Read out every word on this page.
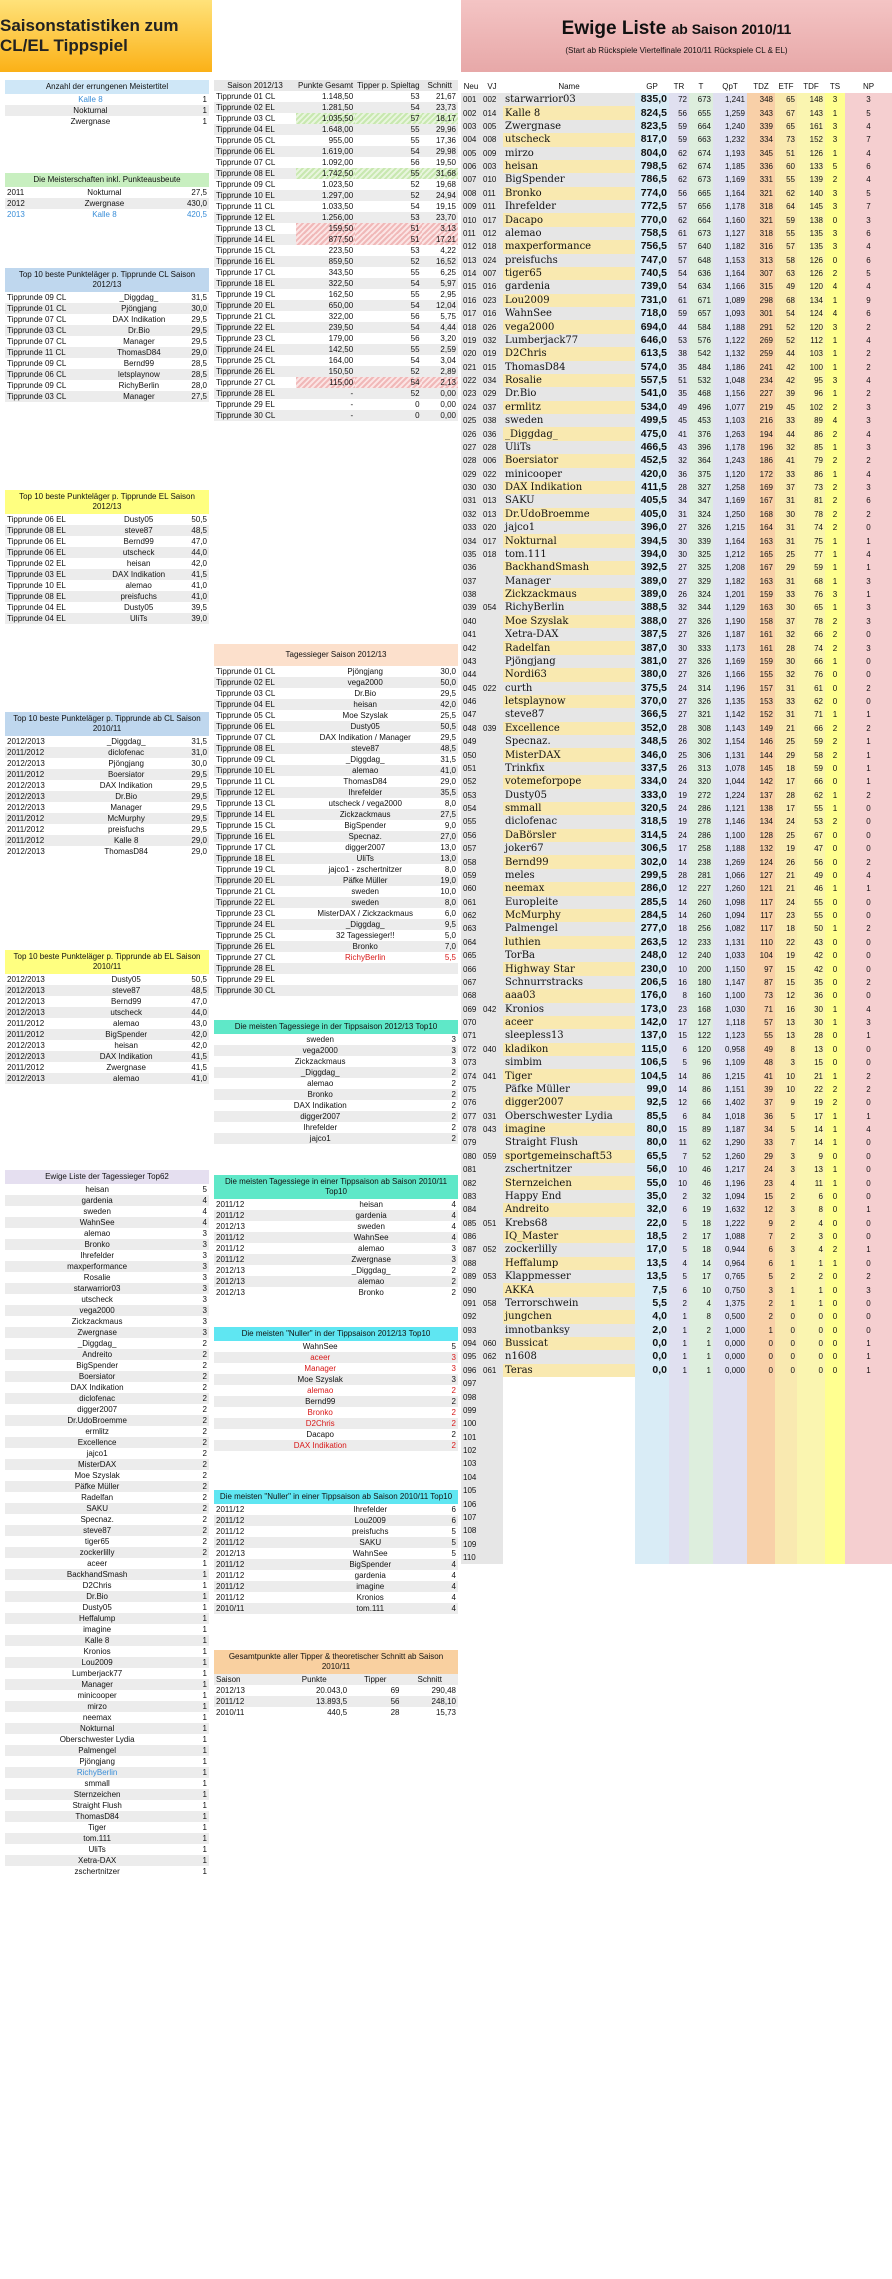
Saisonstatistiken zum CL/EL Tippspiel
Anzahl der errungenen Meistertitel
Kalle 8	1
Nokturnal	1
Zwergnase	1
Die Meisterschaften inkl. Punkteausbeute
2011	Nokturnal	27,5
2012	Zwergnase	430,0
2013	Kalle 8	420,5
Top 10 beste Punkteläger p. Tipprunde CL Saison 2012/13
Tipprunde 09 CL	_Diggdag_	31,5
Tipprunde 01 CL	Pjöngjang	30,0
Tipprunde 07 CL	DAX Indikation	29,5
Tipprunde 03 CL	Dr.Bio	29,5
Tipprunde 07 CL	Manager	29,5
Tipprunde 11 CL	ThomasD84	29,0
Tipprunde 09 CL	Bernd99	28,5
Tipprunde 06 CL	letsplaynow	28,5
Tipprunde 09 CL	RichyBerlin	28,0
Tipprunde 03 CL	Manager	27,5
Top 10 beste Punkteläger p. Tipprunde EL Saison 2012/13
Tipprunde 06 EL	Dusty05	50,5
Tipprunde 08 EL	steve87	48,5
Tipprunde 06 EL	Bernd99	47,0
Tipprunde 06 EL	utscheck	44,0
Tipprunde 02 EL	heisan	42,0
Tipprunde 03 EL	DAX Indikation	41,5
Tipprunde 10 EL	alemao	41,0
Tipprunde 08 EL	preisfuchs	41,0
Tipprunde 04 EL	Dusty05	39,5
Tipprunde 04 EL	UliTs	39,0
Top 10 beste Punkteläger p. Tipprunde ab CL Saison 2010/11
2012/2013	_Diggdag_	31,5
2011/2012	diclofenac	31,0
2012/2013	Pjöngjang	30,0
2011/2012	Boersiator	29,5
2012/2013	DAX Indikation	29,5
2012/2013	Dr.Bio	29,5
2012/2013	Manager	29,5
2011/2012	McMurphy	29,5
2011/2012	preisfuchs	29,5
2011/2012	Kalle 8	29,0
2012/2013	ThomasD84	29,0
Top 10 beste Punkteläger p. Tipprunde ab EL Saison 2010/11
2012/2013	Dusty05	50,5
2012/2013	steve87	48,5
2012/2013	Bernd99	47,0
2012/2013	utscheck	44,0
2011/2012	alemao	43,0
2011/2012	BigSpender	42,0
2012/2013	heisan	42,0
2012/2013	DAX Indikation	41,5
2011/2012	Zwergnase	41,5
2012/2013	alemao	41,0
Ewige Liste der Tagessieger Top62
heisan	5
gardenia	4
sweden	4
WahnSee	4
alemao	3
Bronko	3
Ihrefelder	3
maxperformance	3
Rosalie	3
starwarrior03	3
utscheck	3
vega2000	3
Zickzackmaus	3
Zwergnase	3
_Diggdag_	2
Andreito	2
BigSpender	2
Boersiator	2
DAX Indikation	2
diclofenac	2
digger2007	2
Dr.UdoBroemme	2
ermlitz	2
Excellence	2
jajco1	2
MisterDAX	2
Moe Szyslak	2
Päfke Müller	2
Radelfan	2
SAKU	2
Specnaz.	2
steve87	2
tiger65	2
zockerlilly	2
aceer	1
BackhandSmash	1
D2Chris	1
Dr.Bio	1
Dusty05	1
Heffalump	1
imagine	1
Kalle 8	1
Kronios	1
Lou2009	1
Lumberjack77	1
Manager	1
minicooper	1
mirzo	1
neemax	1
Nokturnal	1
Oberschwester Lydia	1
Palmengel	1
Pjöngjang	1
RichyBerlin	1
smmall	1
Sternzeichen	1
Straight Flush	1
ThomasD84	1
Tiger	1
tom.111	1
UliTs	1
Xetra-DAX	1
zschertnitzer	1
Saison 2012/13	Punkte Gesamt	Tipper p. Spieltag	Schnitt
Tipprunde 01 CL	1.148,50	53	21,67
Tipprunde 02 EL	1.281,50	54	23,73
Tipprunde 03 CL	1.035,50	57	18,17
Tipprunde 04 EL	1.648,00	55	29,96
Tipprunde 05 CL	955,00	55	17,36
Tipprunde 06 EL	1.619,00	54	29,98
Tipprunde 07 CL	1.092,00	56	19,50
Tipprunde 08 EL	1.742,50	55	31,68
Tipprunde 09 CL	1.023,50	52	19,68
Tipprunde 10 EL	1.297,00	52	24,94
Tipprunde 11 CL	1.033,50	54	19,15
Tipprunde 12 EL	1.256,00	53	23,70
Tipprunde 13 CL	159,50	51	3,13
Tipprunde 14 EL	877,50	51	17,21
Tipprunde 15 CL	223,50	53	4,22
Tipprunde 16 EL	859,50	52	16,52
Tipprunde 17 CL	343,50	55	6,25
Tipprunde 18 EL	322,50	54	5,97
Tipprunde 19 CL	162,50	55	2,95
Tipprunde 20 EL	650,00	54	12,04
Tipprunde 21 CL	322,00	56	5,75
Tipprunde 22 EL	239,50	54	4,44
Tipprunde 23 CL	179,00	56	3,20
Tipprunde 24 EL	142,50	55	2,59
Tipprunde 25 CL	164,00	54	3,04
Tipprunde 26 EL	150,50	52	2,89
Tipprunde 27 CL	115,00	54	2,13
Tipprunde 28 EL	-	52	0,00
Tipprunde 29 EL	-	0	0,00
Tipprunde 30 CL	-	0	0,00
Tagessieger Saison 2012/13
Tipprunde 01 CL	Pjöngjang	30,0
Tipprunde 02 EL	vega2000	50,0
Tipprunde 03 CL	Dr.Bio	29,5
Tipprunde 04 EL	heisan	42,0
Tipprunde 05 CL	Moe Szyslak	25,5
Tipprunde 06 EL	Dusty05	50,5
Tipprunde 07 CL	DAX Indikation / Manager	29,5
Tipprunde 08 EL	steve87	48,5
Tipprunde 09 CL	_Diggdag_	31,5
Tipprunde 10 EL	alemao	41,0
Tipprunde 11 CL	ThomasD84	29,0
Tipprunde 12 EL	Ihrefelder	35,5
Tipprunde 13 CL	utscheck / vega2000	8,0
Tipprunde 14 EL	Zickzackmaus	27,5
Tipprunde 15 CL	BigSpender	9,0
Tipprunde 16 EL	Specnaz.	27,0
Tipprunde 17 CL	digger2007	13,0
Tipprunde 18 EL	UliTs	13,0
Tipprunde 19 CL	jajco1 - zschertnitzer	8,0
Tipprunde 20 EL	Päfke Müller	19,0
Tipprunde 21 CL	sweden	10,0
Tipprunde 22 EL	sweden	8,0
Tipprunde 23 CL	MisterDAX / Zickzackmaus	6,0
Tipprunde 24 EL	_Diggdag_	9,5
Tipprunde 25 CL	32 Tagessieger!!	5,0
Tipprunde 26 EL	Bronko	7,0
Tipprunde 27 CL	RichyBerlin	5,5
Tipprunde 28 EL		
Tipprunde 29 EL		
Tipprunde 30 CL		
Die meisten Tagessiege in der Tippsaison 2012/13 Top10
sweden	3
vega2000	3
Zickzackmaus	3
_Diggdag_	2
alemao	2
Bronko	2
DAX Indikation	2
digger2007	2
Ihrefelder	2
jajco1	2
Die meisten Tagessiege in einer Tippsaison ab Saison 2010/11 Top10
2011/12	heisan	4
2011/12	gardenia	4
2012/13	sweden	4
2011/12	WahnSee	4
2011/12	alemao	3
2011/12	Zwergnase	3
2012/13	_Diggdag_	2
2012/13	alemao	2
2012/13	Bronko	2
Die meisten "Nuller" in der Tippsaison 2012/13 Top10
WahnSee	5
aceer	3
Manager	3
Moe Szyslak	3
alemao	2
Bernd99	2
Bronko	2
D2Chris	2
Dacapo	2
DAX Indikation	2
Die meisten "Nuller" in einer Tippsaison ab Saison 2010/11 Top10
2011/12	Ihrefelder	6
2011/12	Lou2009	6
2011/12	preisfuchs	5
2011/12	SAKU	5
2012/13	WahnSee	5
2011/12	BigSpender	4
2011/12	gardenia	4
2011/12	imagine	4
2011/12	Kronios	4
2010/11	tom.111	4
Gesamtpunkte aller Tipper & theoretischer Schnitt ab Saison 2010/11
Saison	Punkte	Tipper	Schnitt
2012/13	20.043,0	69	290,48
2011/12	13.893,5	56	248,10
2010/11	440,5	28	15,73
Ewige Liste ab Saison 2010/11
(Start ab Rückspiele Viertelfinale 2010/11 Rückspiele CL & EL)
Neu	VJ	Name	GP	TR	T	QpT	TDZ	ETF	TDF	TS	NP
001	002	starwarrior03	835,0	72	673	1,241	348	65	148	3	3
002	014	Kalle 8	824,5	56	655	1,259	343	67	143	1	5
003	005	Zwergnase	823,5	59	664	1,240	339	65	161	3	4
004	008	utscheck	817,0	59	663	1,232	334	73	152	3	7
005	009	mirzo	804,0	62	674	1,193	345	51	126	1	4
006	003	heisan	798,5	62	674	1,185	336	60	133	5	6
007	010	BigSpender	786,5	62	673	1,169	331	55	139	2	4
008	011	Bronko	774,0	56	665	1,164	321	62	140	3	5
009	011	Ihrefelder	772,5	57	656	1,178	318	64	145	3	7
010	017	Dacapo	770,0	62	664	1,160	321	59	138	0	3
011	012	alemao	758,5	61	673	1,127	318	55	135	3	6
012	018	maxperformance	756,5	57	640	1,182	316	57	135	3	4
013	024	preisfuchs	747,0	57	648	1,153	313	58	126	0	6
014	007	tiger65	740,5	54	636	1,164	307	63	126	2	5
015	016	gardenia	739,0	54	634	1,166	315	49	120	4	4
016	023	Lou2009	731,0	61	671	1,089	298	68	134	1	9
017	016	WahnSee	718,0	59	657	1,093	301	54	124	4	6
018	026	vega2000	694,0	44	584	1,188	291	52	120	3	2
019	032	Lumberjack77	646,0	53	576	1,122	269	52	112	1	4
020	019	D2Chris	613,5	38	542	1,132	259	44	103	1	2
021	015	ThomasD84	574,0	35	484	1,186	241	42	100	1	2
022	034	Rosalie	557,5	51	532	1,048	234	42	95	3	4
023	029	Dr.Bio	541,0	35	468	1,156	227	39	96	1	2
024	037	ermlitz	534,0	49	496	1,077	219	45	102	2	3
025	038	sweden	499,5	45	453	1,103	216	33	89	4	3
026	036	_Diggdag_	475,0	41	376	1,263	194	44	86	2	4
027	028	UliTs	466,5	43	396	1,178	196	32	85	1	3
028	006	Boersiator	452,5	32	364	1,243	186	41	79	2	2
029	022	minicooper	420,0	36	375	1,120	172	33	86	1	4
030	030	DAX Indikation	411,5	28	327	1,258	169	37	73	2	3
031	013	SAKU	405,5	34	347	1,169	167	31	81	2	6
032	013	Dr.UdoBroemme	405,0	31	324	1,250	168	30	78	2	2
033	020	jajco1	396,0	27	326	1,215	164	31	74	2	0
034	017	Nokturnal	394,5	30	339	1,164	163	31	75	1	1
035	018	tom.111	394,0	30	325	1,212	165	25	77	1	4
036		BackhandSmash	392,5	27	325	1,208	167	29	59	1	1
037		Manager	389,0	27	329	1,182	163	31	68	1	3
038		Zickzackmaus	389,0	26	324	1,201	159	33	76	3	1
039	054	RichyBerlin	388,5	32	344	1,129	163	30	65	1	3
040		Moe Szyslak	388,0	27	326	1,190	158	37	78	2	3
041		Xetra-DAX	387,5	27	326	1,187	161	32	66	2	0
042		Radelfan	387,0	30	333	1,173	161	28	74	2	3
043		Pjöngjang	381,0	27	326	1,169	159	30	66	1	0
044		Nordi63	380,0	27	326	1,166	155	32	76	0	0
045	022	curth	375,5	24	314	1,196	157	31	61	0	2
046		letsplaynow	370,0	27	326	1,135	153	33	62	0	0
047		steve87	366,5	27	321	1,142	152	31	71	1	1
048	039	Excellence	352,0	28	308	1,143	149	21	66	2	2
049		Specnaz.	348,5	26	302	1,154	146	25	59	2	1
050		MisterDAX	346,0	25	306	1,131	144	29	58	2	1
051		Trinkfix	337,5	26	313	1,078	145	18	59	0	1
052		votemeforpope	334,0	24	320	1,044	142	17	66	0	1
053		Dusty05	333,0	19	272	1,224	137	28	62	1	2
054		smmall	320,5	24	286	1,121	138	17	55	1	0
055		diclofenac	318,5	19	278	1,146	134	24	53	2	0
056		DaBörsler	314,5	24	286	1,100	128	25	67	0	0
057		joker67	306,5	17	258	1,188	132	19	47	0	0
058		Bernd99	302,0	14	238	1,269	124	26	56	0	2
059		meles	299,5	28	281	1,066	127	21	49	0	4
060		neemax	286,0	12	227	1,260	121	21	46	1	1
061		Europleite	285,5	14	260	1,098	117	24	55	0	0
062		McMurphy	284,5	14	260	1,094	117	23	55	0	0
063		Palmengel	277,0	18	256	1,082	117	18	50	1	2
064		luthien	263,5	12	233	1,131	110	22	43	0	0
065		TorBa	248,0	12	240	1,033	104	19	42	0	0
066		Highway Star	230,0	10	200	1,150	97	15	42	0	0
067		Schnurrstracks	206,5	16	180	1,147	87	15	35	0	2
068		aaa03	176,0	8	160	1,100	73	12	36	0	0
069	042	Kronios	173,0	23	168	1,030	71	16	30	1	4
070		aceer	142,0	17	127	1,118	57	13	30	1	3
071		sleepless13	137,0	15	122	1,123	55	13	28	0	1
072	040	kladikon	115,0	6	120	0,958	49	8	13	0	0
073		simbim	106,5	5	96	1,109	48	3	15	0	0
074	041	Tiger	104,5	14	86	1,215	41	10	21	1	2
075		Päfke Müller	99,0	14	86	1,151	39	10	22	2	2
076		digger2007	92,5	12	66	1,402	37	9	19	2	0
077	031	Oberschwester Lydia	85,5	6	84	1,018	36	5	17	1	1
078	043	imagine	80,0	15	89	1,187	34	5	14	1	4
079		Straight Flush	80,0	11	62	1,290	33	7	14	1	0
080	059	sportgemeinschaft53	65,5	7	52	1,260	29	3	9	0	0
081		zschertnitzer	56,0	10	46	1,217	24	3	13	1	0
082		Sternzeichen	55,0	10	46	1,196	23	4	11	1	0
083		Happy End	35,0	2	32	1,094	15	2	6	0	0
084		Andreito	32,0	6	19	1,632	12	3	8	0	1
085	051	Krebs68	22,0	5	18	1,222	9	2	4	0	0
086		IQ_Master	18,5	2	17	1,088	7	2	3	0	0
087	052	zockerlilly	17,0	5	18	0,944	6	3	4	2	1
088		Heffalump	13,5	4	14	0,964	6	1	1	1	0
089	053	Klappmesser	13,5	5	17	0,765	5	2	2	0	2
090		AKKA	7,5	6	10	0,750	3	1	1	0	3
091	058	Terrorschwein	5,5	2	4	1,375	2	1	1	0	0
092		jungchen	4,0	1	8	0,500	2	0	0	0	0
093		imnotbanksy	2,0	1	2	1,000	1	0	0	0	0
094	060	Bussicat	0,0	1	1	0,000	0	0	0	0	1
095	062	n1608	0,0	1	1	0,000	0	0	0	0	1
096	061	Teras	0,0	1	1	0,000	0	0	0	0	1
097											
098											
099											
100											
101											
102											
103											
104											
105											
106											
107											
108											
109											
110											
